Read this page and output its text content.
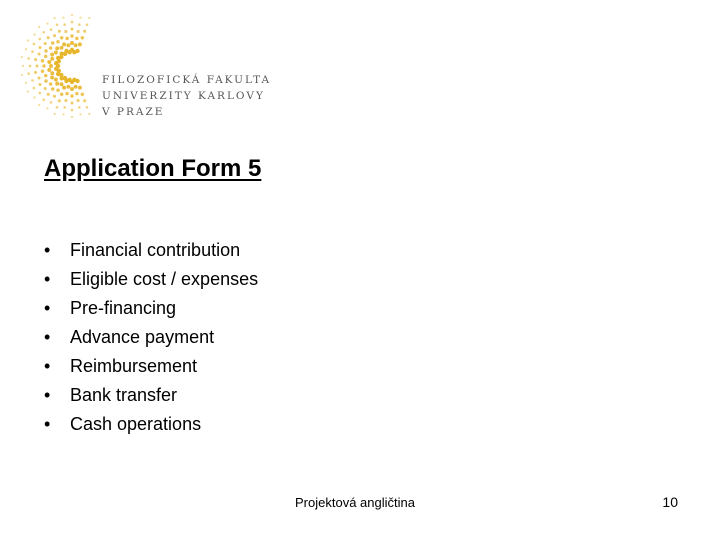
FILOZOFICKÁ FAKULTA
UNIVERZITY KARLOVY
V PRAZE
Application Form 5
• Financial contribution
• Eligible cost / expenses
• Pre-financing
• Advance payment
• Reimbursement
• Bank transfer
• Cash operations
Projektová angličtina	10
